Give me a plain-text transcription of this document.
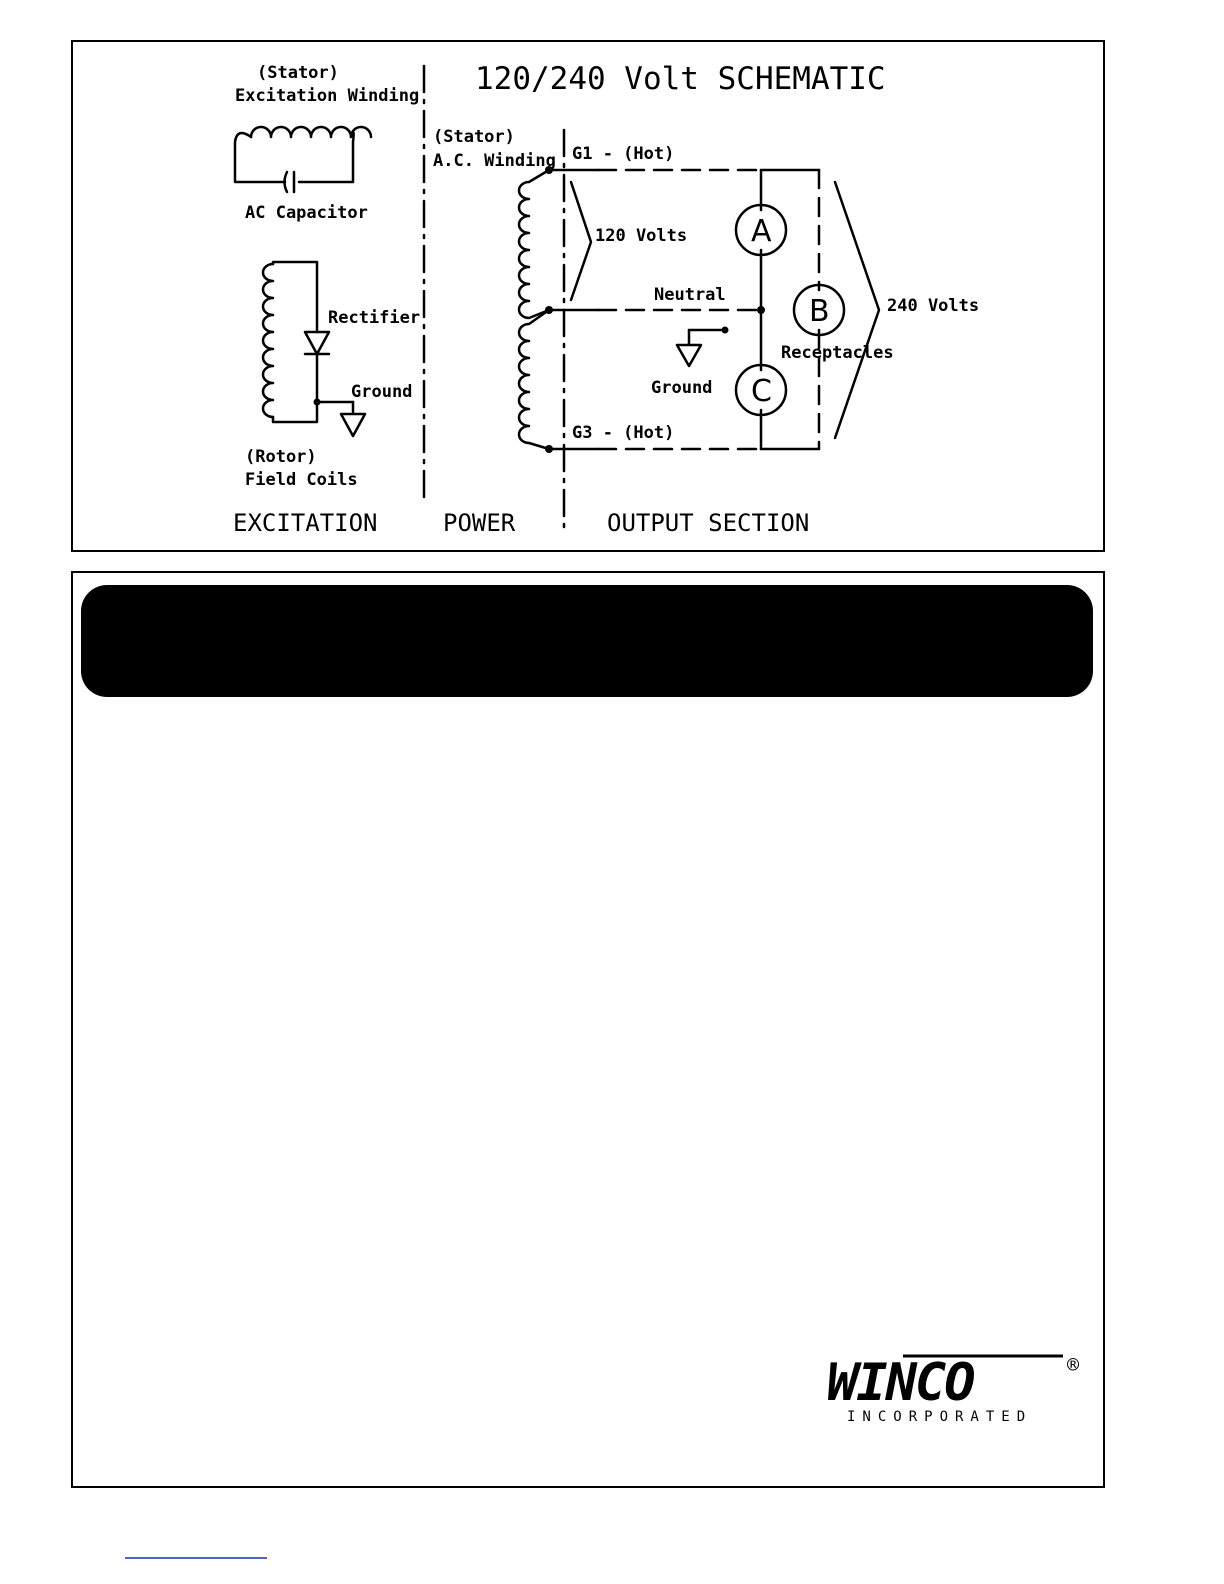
120/240 Volt SCHEMATIC
(Stator)
Excitation Winding
AC Capacitor
Rectifier
Ground
(Rotor)
Field Coils
(Stator)
A.C. Winding G1 - (Hot)
120 Volts
Neutral
Ground
G3 - (Hot)
Receptacles
240 Volts
A
B
C
EXCITATION	POWER	OUTPUT SECTION
WINCO	®
INCORPORATED
